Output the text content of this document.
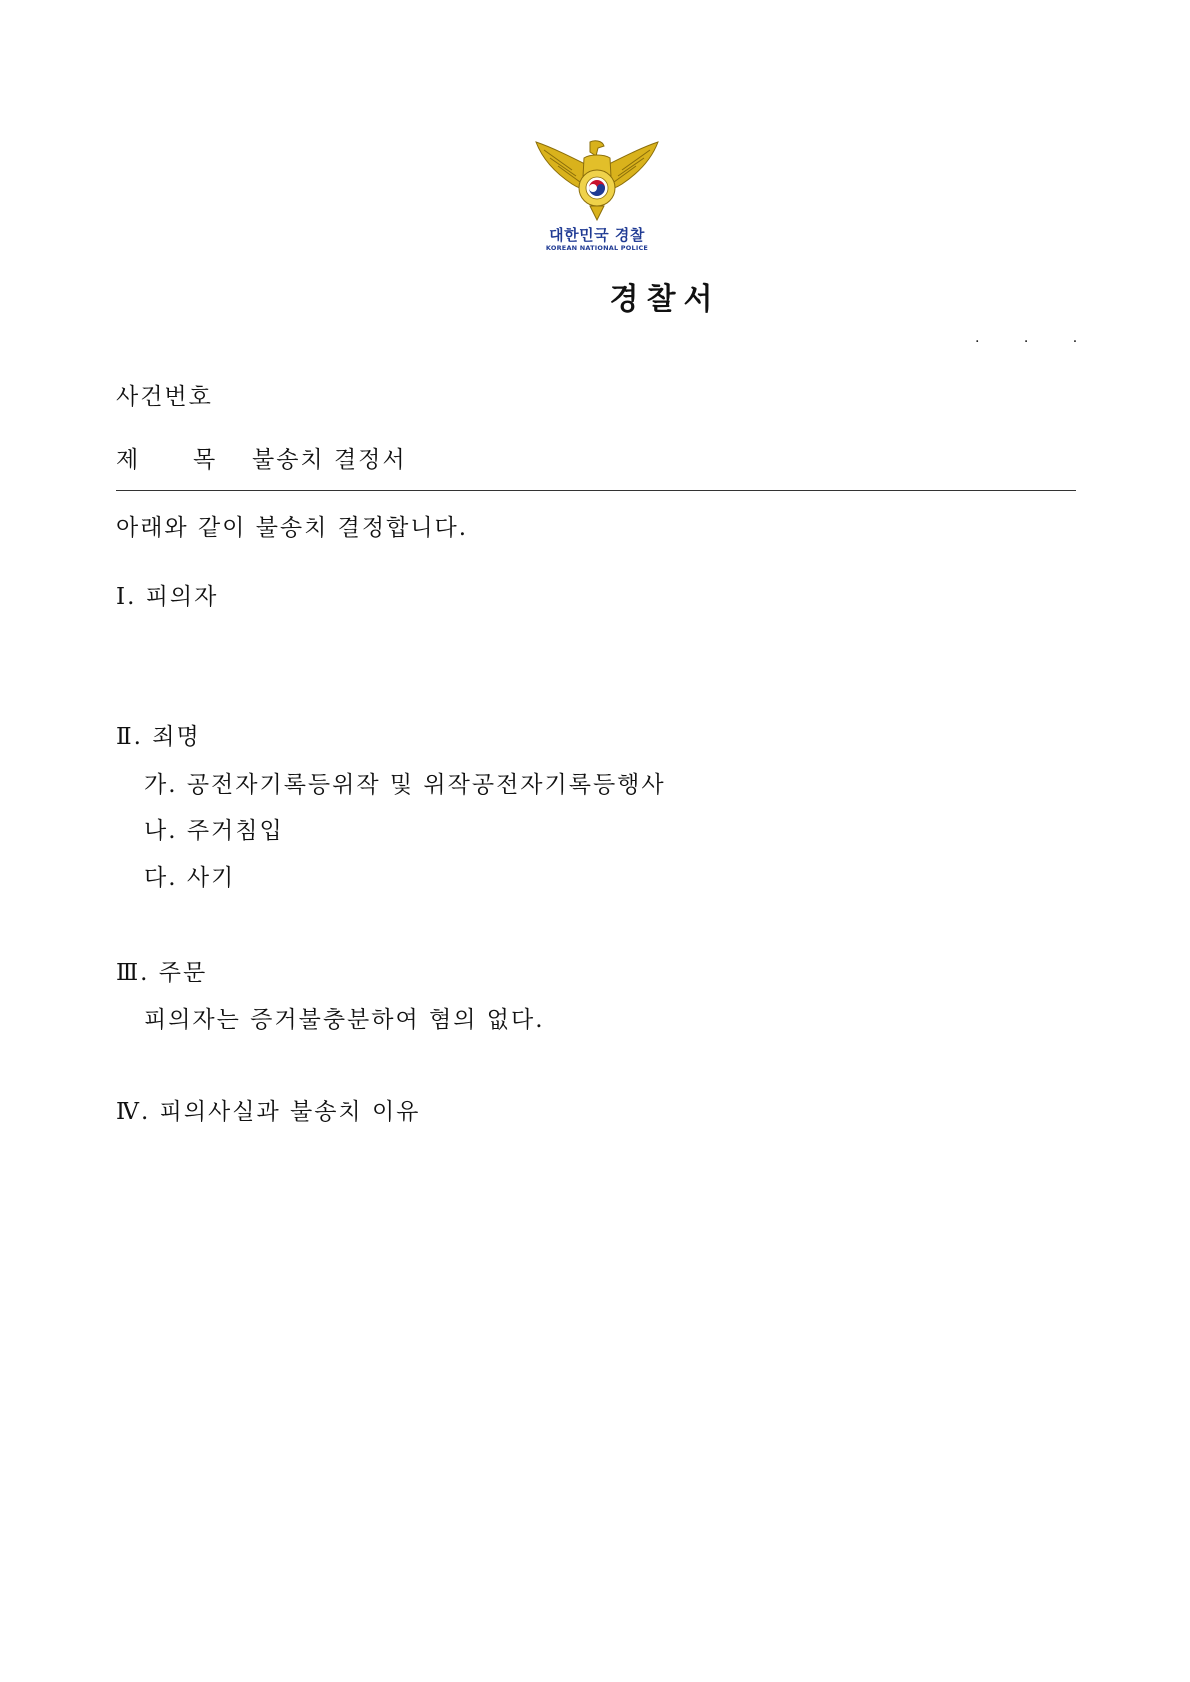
대한민국 경찰
KOREAN NATIONAL POLICE
경찰서
. . .
사건번호
제 목 불송치 결정서
아래와 같이 불송치 결정합니다.
Ⅰ. 피의자
Ⅱ. 죄명
가. 공전자기록등위작 및 위작공전자기록등행사
나. 주거침입
다. 사기
Ⅲ. 주문
피의자는 증거불충분하여 혐의 없다.
Ⅳ. 피의사실과 불송치 이유
